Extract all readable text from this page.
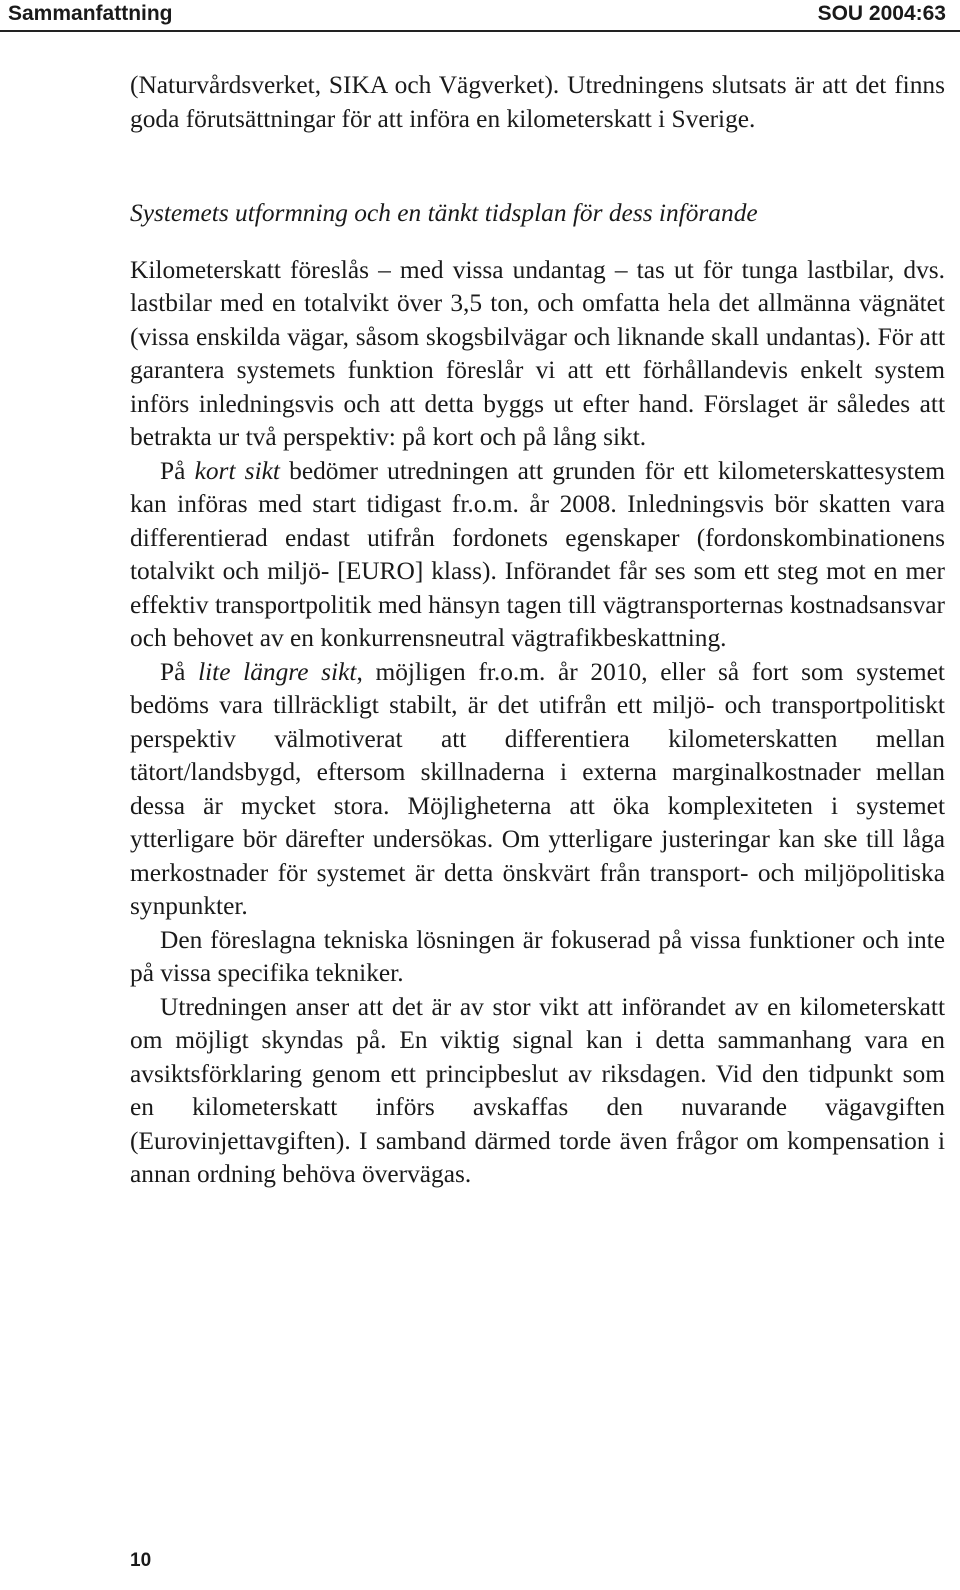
Sammanfattning	SOU 2004:63

(Naturvårdsverket, SIKA och Vägverket). Utredningens slutsats är att det finns goda förutsättningar för att införa en kilometerskatt i Sverige.

Systemets utformning och en tänkt tidsplan för dess införande

Kilometerskatt föreslås – med vissa undantag – tas ut för tunga lastbilar, dvs. lastbilar med en totalvikt över 3,5 ton, och omfatta hela det allmänna vägnätet (vissa enskilda vägar, såsom skogsbilvägar och liknande skall undantas). För att garantera systemets funktion föreslår vi att ett förhållandevis enkelt system införs inledningsvis och att detta byggs ut efter hand. Förslaget är således att betrakta ur två perspektiv: på kort och på lång sikt.

På kort sikt bedömer utredningen att grunden för ett kilometerskattesystem kan införas med start tidigast fr.o.m. år 2008. Inledningsvis bör skatten vara differentierad endast utifrån fordonets egenskaper (fordonskombinationens totalvikt och miljö- [EURO] klass). Införandet får ses som ett steg mot en mer effektiv transportpolitik med hänsyn tagen till vägtransporternas kostnadsansvar och behovet av en konkurrensneutral vägtrafikbeskattning.

På lite längre sikt, möjligen fr.o.m. år 2010, eller så fort som systemet bedöms vara tillräckligt stabilt, är det utifrån ett miljö- och transportpolitiskt perspektiv välmotiverat att differentiera kilometerskatten mellan tätort/landsbygd, eftersom skillnaderna i externa marginalkostnader mellan dessa är mycket stora. Möjligheterna att öka komplexiteten i systemet ytterligare bör därefter undersökas. Om ytterligare justeringar kan ske till låga merkostnader för systemet är detta önskvärt från transport- och miljöpolitiska synpunkter.

Den föreslagna tekniska lösningen är fokuserad på vissa funktioner och inte på vissa specifika tekniker.

Utredningen anser att det är av stor vikt att införandet av en kilometerskatt om möjligt skyndas på. En viktig signal kan i detta sammanhang vara en avsiktsförklaring genom ett principbeslut av riksdagen. Vid den tidpunkt som en kilometerskatt införs avskaffas den nuvarande vägavgiften (Eurovinjettavgiften). I samband därmed torde även frågor om kompensation i annan ordning behöva övervägas.

10
